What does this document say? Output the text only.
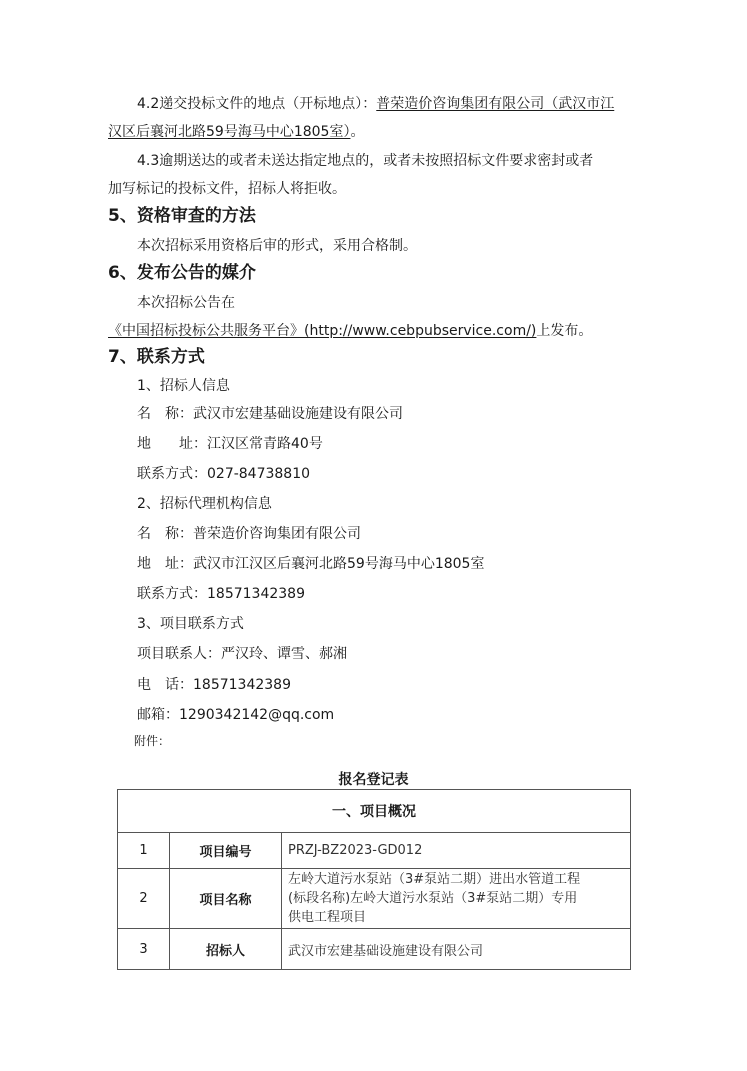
4.2递交投标文件的地点（开标地点）：普荣造价咨询集团有限公司（武汉市江
汉区后襄河北路59号海马中心1805室）。
4.3逾期送达的或者未送达指定地点的，或者未按照招标文件要求密封或者
加写标记的投标文件，招标人将拒收。
5、资格审查的方法
本次招标采用资格后审的形式，采用合格制。
6、发布公告的媒介
本次招标公告在
《中国招标投标公共服务平台》(http://www.cebpubservice.com/)上发布。
7、联系方式
1、招标人信息
名　称：武汉市宏建基础设施建设有限公司
地　　址：江汉区常青路40号
联系方式：027-84738810
2、招标代理机构信息
名　称：普荣造价咨询集团有限公司
地　址：武汉市江汉区后襄河北路59号海马中心1805室
联系方式：18571342389
3、项目联系方式
项目联系人：严汉玲、谭雪、郝湘
电　话：18571342389
邮箱：1290342142@qq.com
附件：
报名登记表
一、项目概况		
1	项目编号	PRZJ-BZ2023-GD012
2	项目名称	左岭大道污水泵站（3#泵站二期）进出水管道工程
(标段名称)左岭大道污水泵站（3#泵站二期）专用
供电工程项目

3	招标人	武汉市宏建基础设施建设有限公司
